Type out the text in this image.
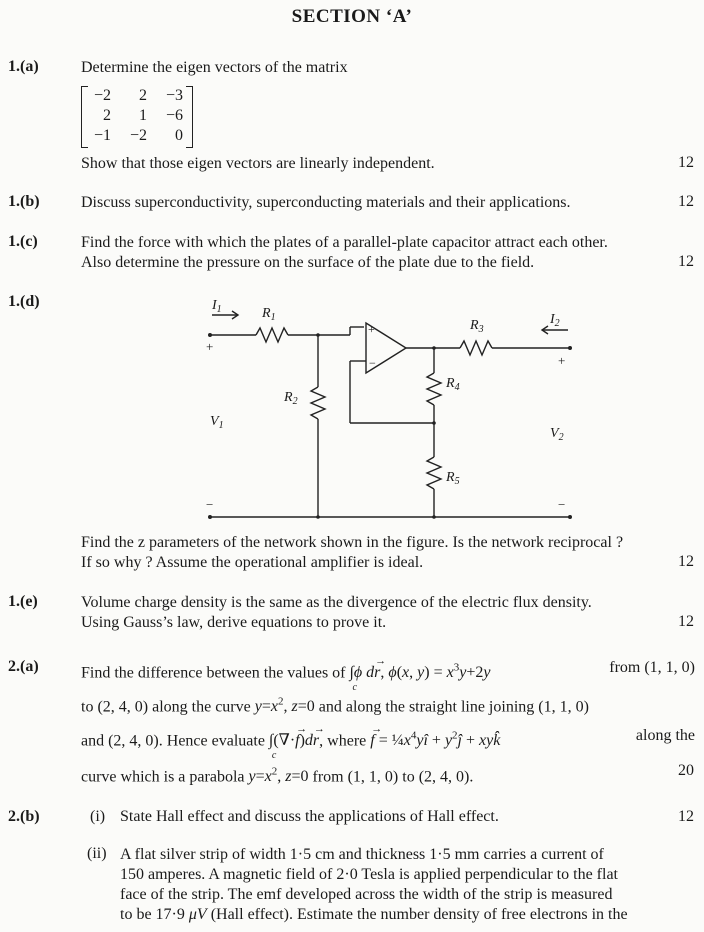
SECTION ‘A’
1.(a)	Determine the eigen vectors of the matrix
−2	2	−3
2	1	−6
−1	−2	0
Show that those eigen vectors are linearly independent.	12
1.(b)	Discuss superconductivity, superconducting materials and their applications.	12
1.(c)	Find the force with which the plates of a parallel-plate capacitor attract each other.
Also determine the pressure on the surface of the plate due to the field.	12
1.(d)	$I_1$	$R_1$
$R_2$
$R_3$
$R_4$
$R_5$
$I_2$
$V_1$
$V_2$
+
+
−	−
+
−
Find the z parameters of the network shown in the figure. Is the network reciprocal ?
If so why ? Assume the operational amplifier is ideal.	12
1.(e)	Volume charge density is the same as the divergence of the electric flux density.
Using Gauss’s law, derive equations to prove it.	12
2.(a)	Find the difference between the values of ∫ cϕ d→ r, ϕ(x, $y) = x^3y+2y$	from (1, 1, 0)
to (2, 4, 0) along the curve $y=x^2$, z=0 and along the straight line joining (1, 1, 0)
and (2, 4, 0). Hence evaluate ∫ c(∇·→ f)d→ r, where → $f = \frac{1}{4}x^4yî$ + $y^2ĵ$ + xyk̂	along the
curve which is a parabola $y=x^2$, z=0 from (1, 1, 0) to (2, 4, 0).	20
2.(b)	(i) State Hall effect and discuss the applications of Hall effect.	12
(ii) A flat silver strip of width 1·5 cm and thickness 1·5 mm carries a current of
150 amperes. A magnetic field of 2·0 Tesla is applied perpendicular to the flat
face of the strip. The emf developed across the width of the strip is measured
to be 17·9 μV (Hall effect). Estimate the number density of free electrons in the
